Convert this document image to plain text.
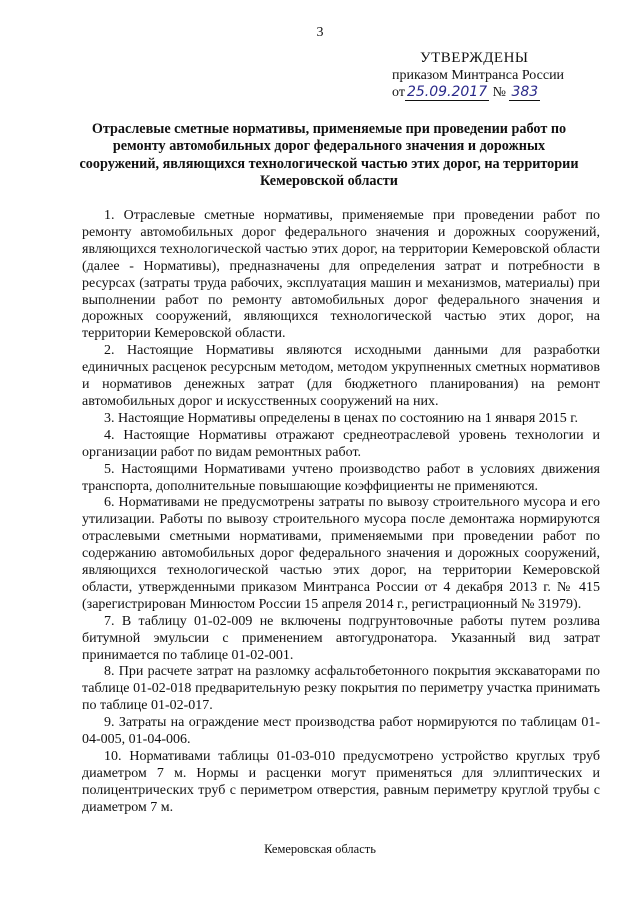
3
УТВЕРЖДЕНЫ
приказом Минтранса России
от 25.09.2017 № 383
Отраслевые сметные нормативы, применяемые при проведении работ по ремонту автомобильных дорог федерального значения и дорожных сооружений, являющихся технологической частью этих дорог, на территории Кемеровской области

1. Отраслевые сметные нормативы, применяемые при проведении работ по ремонту автомобильных дорог федерального значения и дорожных сооружений, являющихся технологической частью этих дорог, на территории Кемеровской области (далее - Нормативы), предназначены для определения затрат и потребности в ресурсах (затраты труда рабочих, эксплуатация машин и механизмов, материалы) при выполнении работ по ремонту автомобильных дорог федерального значения и дорожных сооружений, являющихся технологической частью этих дорог, на территории Кемеровской области.

2. Настоящие Нормативы являются исходными данными для разработки единичных расценок ресурсным методом, методом укрупненных сметных нормативов и нормативов денежных затрат (для бюджетного планирования) на ремонт автомобильных дорог и искусственных сооружений на них.

3. Настоящие Нормативы определены в ценах по состоянию на 1 января 2015 г.

4. Настоящие Нормативы отражают среднеотраслевой уровень технологии и организации работ по видам ремонтных работ.

5. Настоящими Нормативами учтено производство работ в условиях движения транспорта, дополнительные повышающие коэффициенты не применяются.

6. Нормативами не предусмотрены затраты по вывозу строительного мусора и его утилизации. Работы по вывозу строительного мусора после демонтажа нормируются отраслевыми сметными нормативами, применяемыми при проведении работ по содержанию автомобильных дорог федерального значения и дорожных сооружений, являющихся технологической частью этих дорог, на территории Кемеровской области, утвержденными приказом Минтранса России от 4 декабря 2013 г. № 415 (зарегистрирован Минюстом России 15 апреля 2014 г., регистрационный № 31979).

7. В таблицу 01-02-009 не включены подгрунтовочные работы путем розлива битумной эмульсии с применением автогудронатора. Указанный вид затрат принимается по таблице 01-02-001.

8. При расчете затрат на разломку асфальтобетонного покрытия экскаваторами по таблице 01-02-018 предварительную резку покрытия по периметру участка принимать по таблице 01-02-017.

9. Затраты на ограждение мест производства работ нормируются по таблицам 01-04-005, 01-04-006.

10. Нормативами таблицы 01-03-010 предусмотрено устройство круглых труб диаметром 7 м. Нормы и расценки могут применяться для эллиптических и полицентрических труб с периметром отверстия, равным периметру круглой трубы с диаметром 7 м.

Кемеровская область
